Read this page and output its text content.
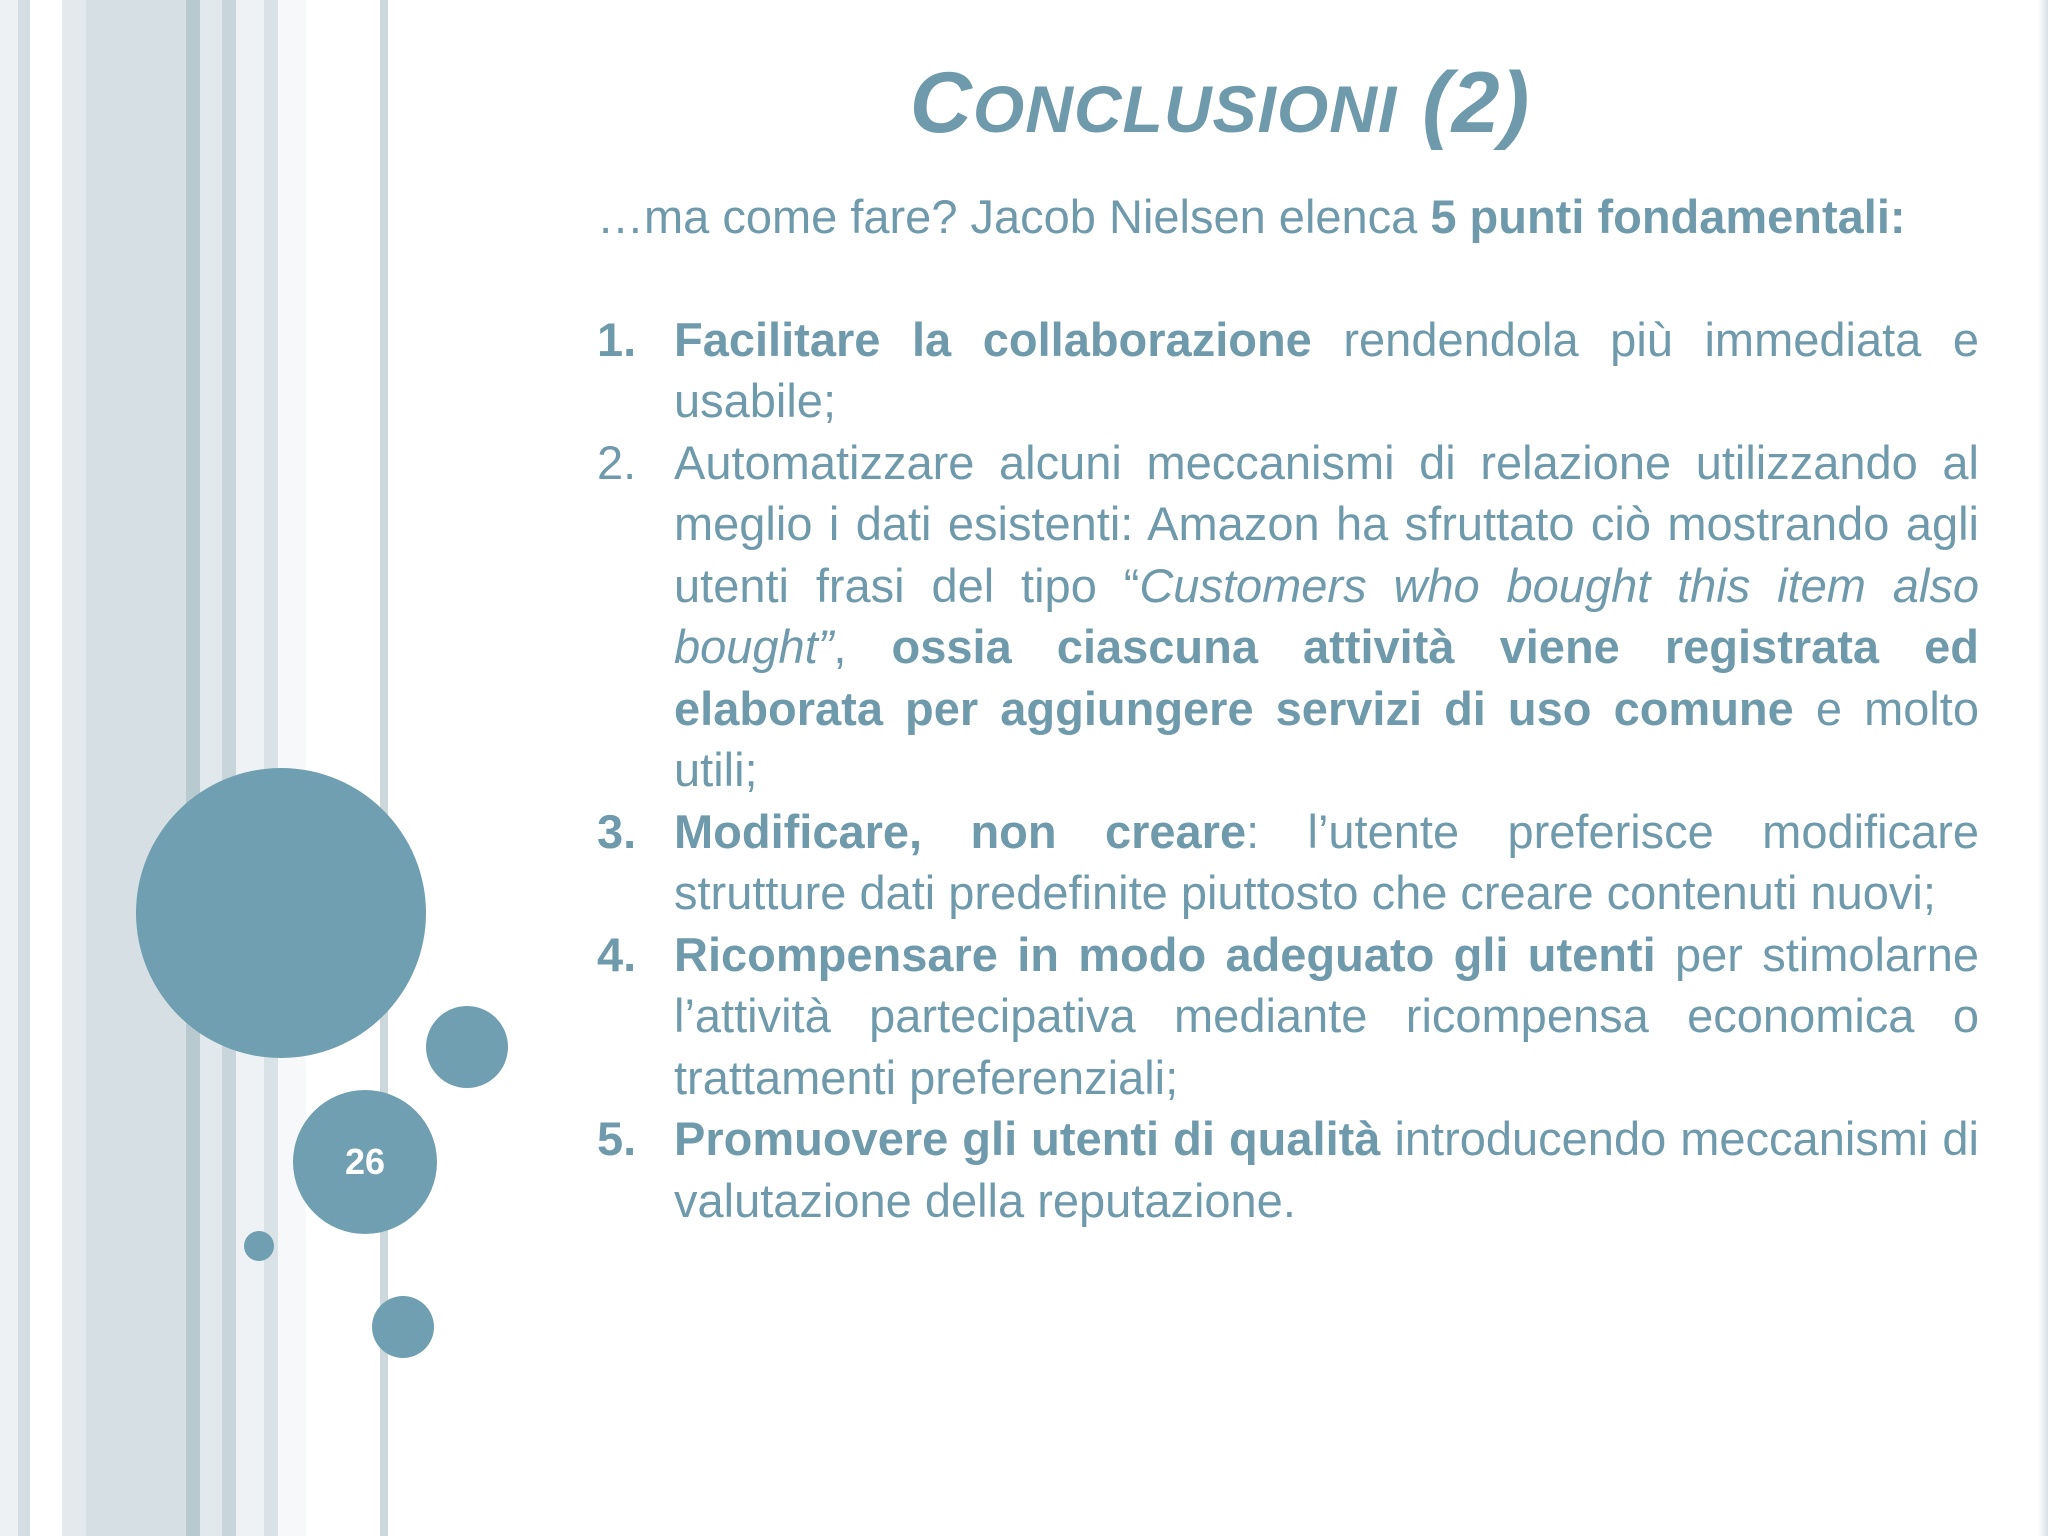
26
CONCLUSIONI (2)

…ma come fare? Jacob Nielsen elenca 5 punti fondamentali:

1. Facilitare la collaborazione rendendola più immediata e usabile;
2. Automatizzare alcuni meccanismi di relazione utilizzando al meglio i dati esistenti: Amazon ha sfruttato ciò mostrando agli utenti frasi del tipo “Customers who bought this item also bought”, ossia ciascuna attività viene registrata ed elaborata per aggiungere servizi di uso comune e molto utili;
3. Modificare, non creare: l’utente preferisce modificare strutture dati predefinite piuttosto che creare contenuti nuovi;
4. Ricompensare in modo adeguato gli utenti per stimolarne l’attività partecipativa mediante ricompensa economica o trattamenti preferenziali;
5. Promuovere gli utenti di qualità introducendo meccanismi di valutazione della reputazione.
